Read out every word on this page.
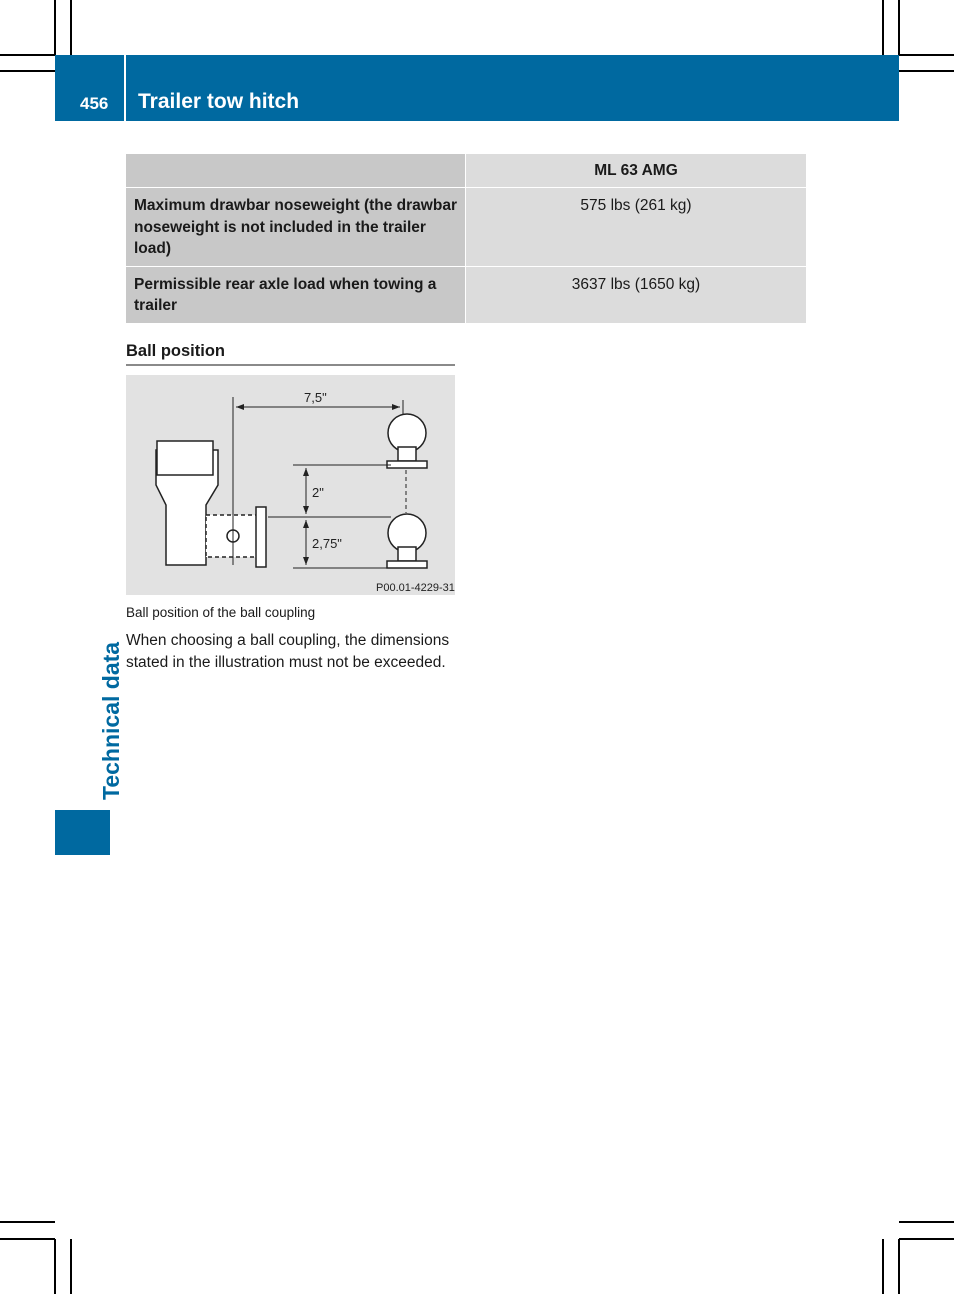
456 Trailer tow hitch
Technical data
	ML 63 AMG
Maximum drawbar noseweight (the drawbar noseweight is not included in the trailer load)	575 lbs (261 kg)
Permissible rear axle load when towing a trailer	3637 lbs (1650 kg)
Ball position
7,5"
2"
2,75"
P00.01-4229-31
Ball position of the ball coupling
When choosing a ball coupling, the dimensions stated in the illustration must not be exceeded.
